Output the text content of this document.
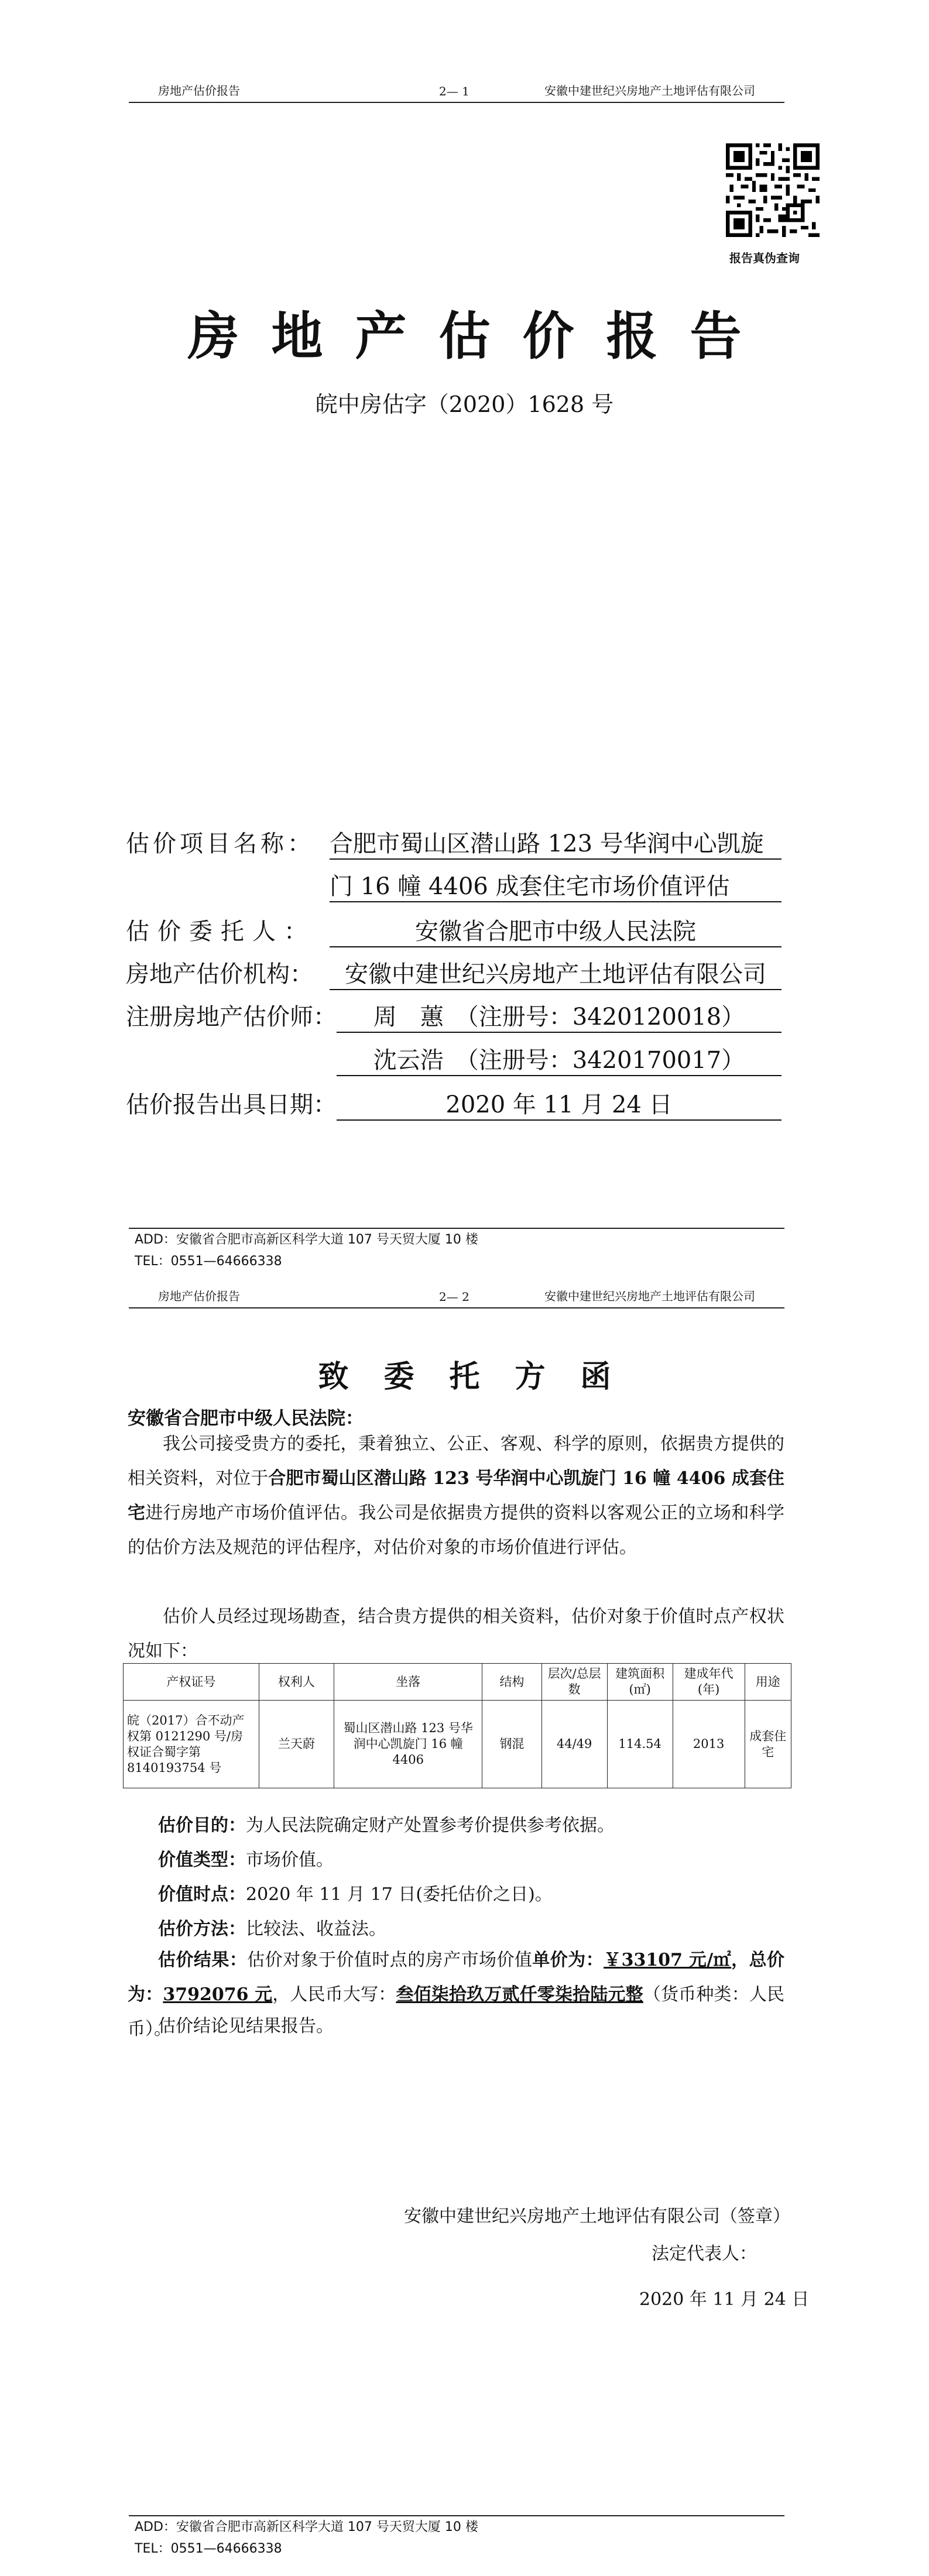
房地产估价报告	2— 1	安徽中建世纪兴房地产土地评估有限公司
报告真伪查询
房地产估价报告
皖中房估字（2020）1628 号
估价项目名称： 合肥市蜀山区潜山路 123 号华润中心凯旋
门 16 幢 4406 成套住宅市场价值评估
估价委托人：	安徽省合肥市中级人民法院
房地产估价机构：	安徽中建世纪兴房地产土地评估有限公司
注册房地产估价师：	周　蕙　（注册号：3420120018）
沈云浩　（注册号：3420170017）
估价报告出具日期：	2020 年 11 月 24 日
ADD：安徽省合肥市高新区科学大道 107 号天贸大厦 10 楼
TEL：0551—64666338
房地产估价报告	2— 2	安徽中建世纪兴房地产土地评估有限公司
致委托方函
安徽省合肥市中级人民法院：
我公司接受贵方的委托，秉着独立、公正、客观、科学的原则，依据贵方提供的相关资料，对位于合肥市蜀山区潜山路 123 号华润中心凯旋门 16 幢 4406 成套住宅进行房地产市场价值评估。我公司是依据贵方提供的资料以客观公正的立场和科学的估价方法及规范的评估程序，对估价对象的市场价值进行评估。
估价人员经过现场勘查，结合贵方提供的相关资料，估价对象于价值时点产权状况如下：
产权证号	权利人	坐落	结构	层次/总层数	建筑面积(㎡)	建成年代(年)	用途
皖（2017）合不动产权第 0121290 号/房权证合蜀字第 8140193754 号	兰天蔚	蜀山区潜山路 123 号华润中心凯旋门 16 幢 4406	钢混	44/49	114.54	2013	成套住宅
估价目的：为人民法院确定财产处置参考价提供参考依据。
价值类型：市场价值。
价值时点：2020 年 11 月 17 日(委托估价之日)。
估价方法：比较法、收益法。
估价结果：估价对象于价值时点的房产市场价值单价为：￥33107 元/㎡，总价为：3792076 元，人民币大写：叁佰柒拾玖万贰仟零柒拾陆元整（货币种类：人民币）。
估价结论见结果报告。
安徽中建世纪兴房地产土地评估有限公司（签章）
法定代表人：
2020 年 11 月 24 日
ADD：安徽省合肥市高新区科学大道 107 号天贸大厦 10 楼
TEL：0551—64666338
